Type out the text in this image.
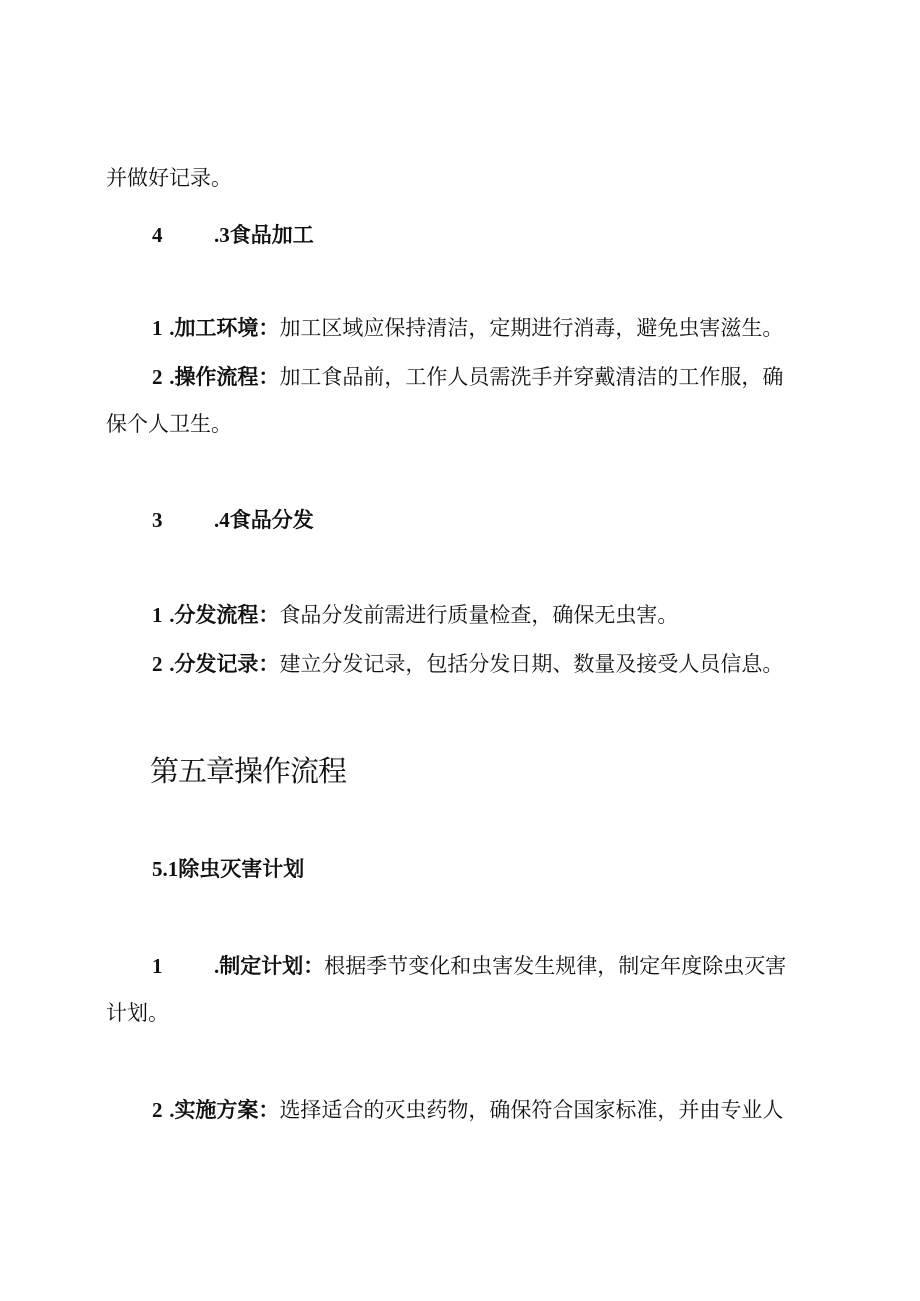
并做好记录。
4 .3食品加工
1 .加工环境：加工区域应保持清洁，定期进行消毒，避免虫害滋生。
2 .操作流程：加工食品前，工作人员需洗手并穿戴清洁的工作服，确
保个人卫生。
3 .4食品分发
1 .分发流程：食品分发前需进行质量检查，确保无虫害。
2 .分发记录：建立分发记录，包括分发日期、数量及接受人员信息。
第五章操作流程
5.1除虫灭害计划
1 .制定计划：根据季节变化和虫害发生规律，制定年度除虫灭害
计划。
2 .实施方案：选择适合的灭虫药物，确保符合国家标准，并由专业人
